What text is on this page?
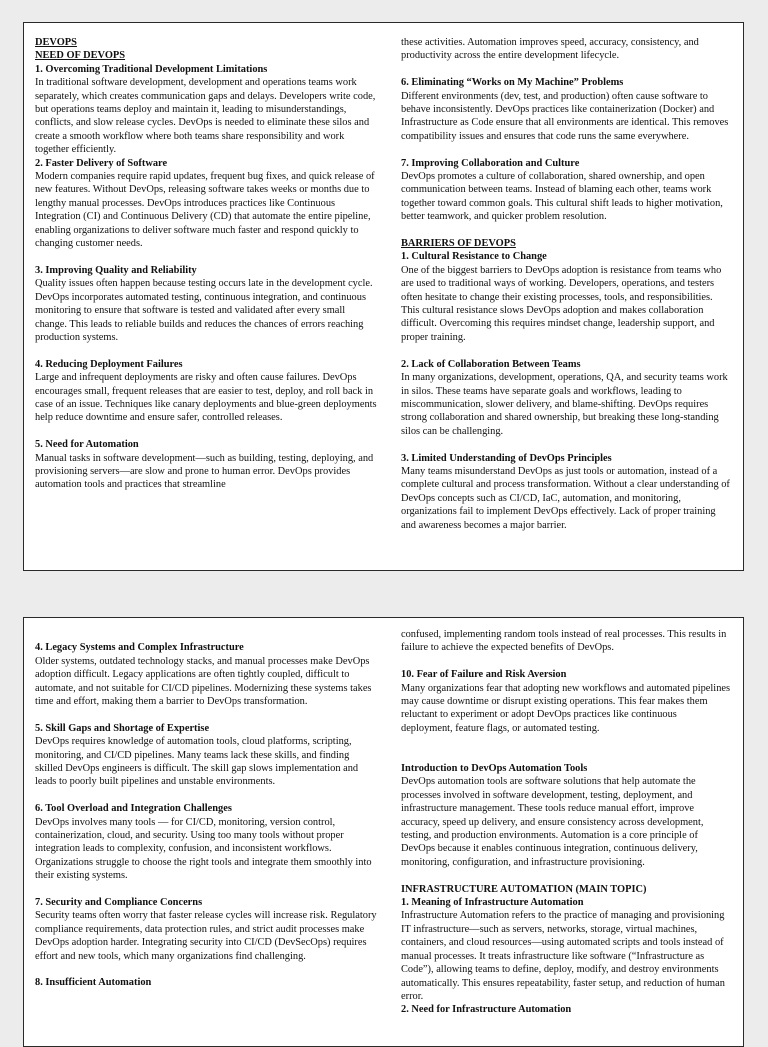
DEVOPS
NEED OF DEVOPS
1. Overcoming Traditional Development Limitations

In traditional software development, development and operations teams work separately, which creates communication gaps and delays. Developers write code, but operations teams deploy and maintain it, leading to misunderstandings, conflicts, and slow release cycles. DevOps is needed to eliminate these silos and create a smooth workflow where both teams share responsibility and work together efficiently.

2. Faster Delivery of Software

Modern companies require rapid updates, frequent bug fixes, and quick release of new features. Without DevOps, releasing software takes weeks or months due to lengthy manual processes. DevOps introduces practices like Continuous Integration (CI) and Continuous Delivery (CD) that automate the entire pipeline, enabling organizations to deliver software much faster and respond quickly to changing customer needs.

3. Improving Quality and Reliability

Quality issues often happen because testing occurs late in the development cycle. DevOps incorporates automated testing, continuous integration, and continuous monitoring to ensure that software is tested and validated after every small change. This leads to reliable builds and reduces the chances of errors reaching production systems.

4. Reducing Deployment Failures

Large and infrequent deployments are risky and often cause failures. DevOps encourages small, frequent releases that are easier to test, deploy, and roll back in case of an issue. Techniques like canary deployments and blue-green deployments help reduce downtime and ensure safer, controlled releases.

5. Need for Automation

Manual tasks in software development—such as building, testing, deploying, and provisioning servers—are slow and prone to human error. DevOps provides automation tools and practices that streamline

these activities. Automation improves speed, accuracy, consistency, and productivity across the entire development lifecycle.

6. Eliminating “Works on My Machine” Problems

Different environments (dev, test, and production) often cause software to behave inconsistently. DevOps practices like containerization (Docker) and Infrastructure as Code ensure that all environments are identical. This removes compatibility issues and ensures that code runs the same everywhere.

7. Improving Collaboration and Culture

DevOps promotes a culture of collaboration, shared ownership, and open communication between teams. Instead of blaming each other, teams work together toward common goals. This cultural shift leads to higher motivation, better teamwork, and quicker problem resolution.

BARRIERS OF DEVOPS
1. Cultural Resistance to Change

One of the biggest barriers to DevOps adoption is resistance from teams who are used to traditional ways of working. Developers, operations, and testers often hesitate to change their existing processes, tools, and responsibilities. This cultural resistance slows DevOps adoption and makes collaboration difficult. Overcoming this requires mindset change, leadership support, and proper training.

2. Lack of Collaboration Between Teams

In many organizations, development, operations, QA, and security teams work in silos. These teams have separate goals and workflows, leading to miscommunication, slower delivery, and blame-shifting. DevOps requires strong collaboration and shared ownership, but breaking these long-standing silos can be challenging.

3. Limited Understanding of DevOps Principles

Many teams misunderstand DevOps as just tools or automation, instead of a complete cultural and process transformation. Without a clear understanding of DevOps concepts such as CI/CD, IaC, automation, and monitoring, organizations fail to implement DevOps effectively. Lack of proper training and awareness becomes a major barrier.

4. Legacy Systems and Complex Infrastructure

Older systems, outdated technology stacks, and manual processes make DevOps adoption difficult. Legacy applications are often tightly coupled, difficult to automate, and not suitable for CI/CD pipelines. Modernizing these systems takes time and effort, making them a barrier to DevOps transformation.

5. Skill Gaps and Shortage of Expertise

DevOps requires knowledge of automation tools, cloud platforms, scripting, monitoring, and CI/CD pipelines. Many teams lack these skills, and finding skilled DevOps engineers is difficult. The skill gap slows implementation and leads to poorly built pipelines and unstable environments.

6. Tool Overload and Integration Challenges

DevOps involves many tools — for CI/CD, monitoring, version control, containerization, cloud, and security. Using too many tools without proper integration leads to complexity, confusion, and inconsistent workflows. Organizations struggle to choose the right tools and integrate them smoothly into their existing systems.

7. Security and Compliance Concerns

Security teams often worry that faster release cycles will increase risk. Regulatory compliance requirements, data protection rules, and strict audit processes make DevOps adoption harder. Integrating security into CI/CD (DevSecOps) requires effort and new tools, which many organizations find challenging.

8. Insufficient Automation

confused, implementing random tools instead of real processes. This results in failure to achieve the expected benefits of DevOps.

10. Fear of Failure and Risk Aversion

Many organizations fear that adopting new workflows and automated pipelines may cause downtime or disrupt existing operations. This fear makes them reluctant to experiment or adopt DevOps practices like continuous deployment, feature flags, or automated testing.

Introduction to DevOps Automation Tools

DevOps automation tools are software solutions that help automate the processes involved in software development, testing, deployment, and infrastructure management. These tools reduce manual effort, improve accuracy, speed up delivery, and ensure consistency across development, testing, and production environments. Automation is a core principle of DevOps because it enables continuous integration, continuous delivery, monitoring, configuration, and infrastructure provisioning.

INFRASTRUCTURE AUTOMATION (MAIN TOPIC)
1. Meaning of Infrastructure Automation

Infrastructure Automation refers to the practice of managing and provisioning IT infrastructure—such as servers, networks, storage, virtual machines, containers, and cloud resources—using automated scripts and tools instead of manual processes. It treats infrastructure like software (“Infrastructure as Code”), allowing teams to define, deploy, modify, and destroy environments automatically. This ensures repeatability, faster setup, and reduction of human error.

2. Need for Infrastructure Automation
